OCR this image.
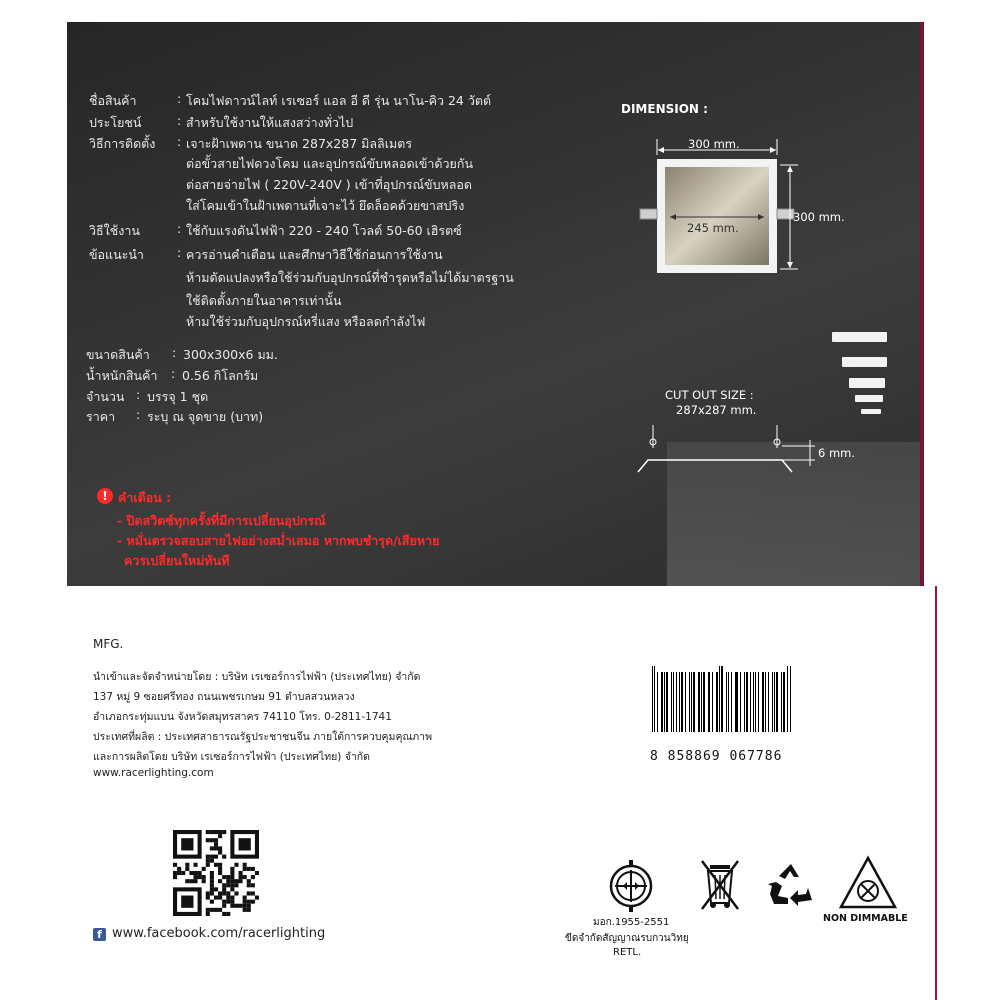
ชื่อสินค้า	: โคมไฟดาวน์ไลท์ เรเซอร์ แอล อี ดี รุ่น นาโน-คิว 24 วัตต์
ประโยชน์	: สำหรับใช้งานให้แสงสว่างทั่วไป
วิธีการติดตั้ง : เจาะฝ้าเพดาน ขนาด 287x287 มิลลิเมตร
ต่อขั้วสายไฟดวงโคม และอุปกรณ์ขับหลอดเข้าด้วยกัน
ต่อสายจ่ายไฟ ( 220V-240V ) เข้าที่อุปกรณ์ขับหลอด
ใส่โคมเข้าในฝ้าเพดานที่เจาะไว้ ยึดล็อคด้วยขาสปริง
วิธีใช้งาน	: ใช้กับแรงดันไฟฟ้า 220 - 240 โวลต์ 50-60 เฮิรตซ์
ข้อแนะนำ	: ควรอ่านคำเตือน และศึกษาวิธีใช้ก่อนการใช้งาน
ห้ามดัดแปลงหรือใช้ร่วมกับอุปกรณ์ที่ชำรุดหรือไม่ได้มาตรฐาน
ใช้ติดตั้งภายในอาคารเท่านั้น
ห้ามใช้ร่วมกับอุปกรณ์หรี่แสง หรือลดกำลังไฟ
ขนาดสินค้า : 300x300x6 มม.
น้ำหนักสินค้า : 0.56 กิโลกรัม
จำนวน : บรรจุ 1 ชุด
ราคา : ระบุ ณ จุดขาย (บาท)
! คำเตือน :
- ปิดสวิตซ์ทุกครั้งที่มีการเปลี่ยนอุปกรณ์
- หมั่นตรวจสอบสายไฟอย่างสม่ำเสมอ หากพบชำรุด/เสียหาย
ควรเปลี่ยนใหม่ทันที
DIMENSION :
300 mm.
300 mm.
245 mm.
CUT OUT SIZE :
287x287 mm.
6 mm.
MFG.
นำเข้าและจัดจำหน่ายโดย : บริษัท เรเซอร์การไฟฟ้า (ประเทศไทย) จำกัด
137 หมู่ 9 ซอยศรีทอง ถนนเพชรเกษม 91 ตำบลสวนหลวง
อำเภอกระทุ่มแบน จังหวัดสมุทรสาคร 74110 โทร. 0-2811-1741
ประเทศที่ผลิต : ประเทศสาธารณรัฐประชาชนจีน ภายใต้การควบคุมคุณภาพ
และการผลิตโดย บริษัท เรเซอร์การไฟฟ้า (ประเทศไทย) จำกัด
www.racerlighting.com
8 858869 067786
f www.facebook.com/racerlighting
มอก.1955-2551
ขีดจำกัดสัญญาณรบกวนวิทยุ
RETL.
NON DIMMABLE
